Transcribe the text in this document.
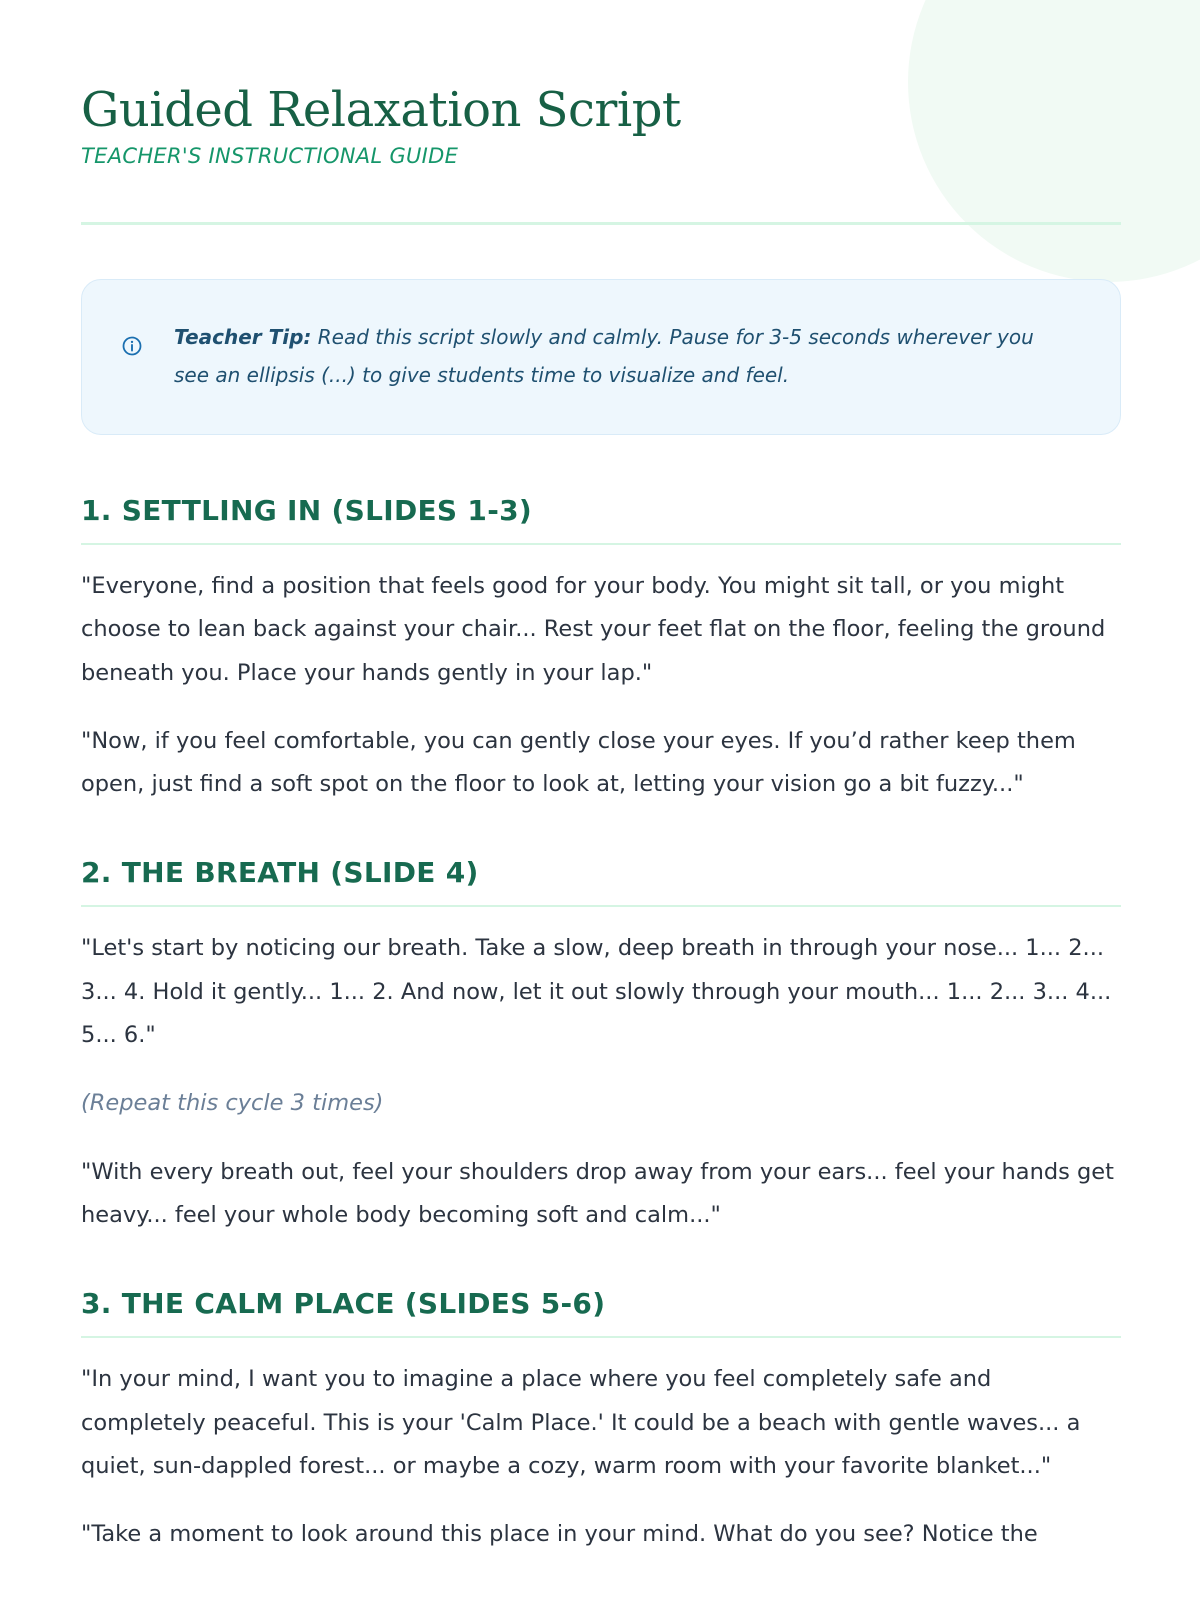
Guided Relaxation Script
TEACHER'S INSTRUCTIONAL GUIDE
Teacher Tip: Read this script slowly and calmly. Pause for 3-5 seconds wherever you see an ellipsis (...) to give students time to visualize and feel.
1. SETTLING IN (SLIDES 1-3)

"Everyone, find a position that feels good for your body. You might sit tall, or you might choose to lean back against your chair... Rest your feet flat on the floor, feeling the ground beneath you. Place your hands gently in your lap."

"Now, if you feel comfortable, you can gently close your eyes. If you’d rather keep them open, just find a soft spot on the floor to look at, letting your vision go a bit fuzzy..."

2. THE BREATH (SLIDE 4)

"Let's start by noticing our breath. Take a slow, deep breath in through your nose... 1... 2... 3... 4. Hold it gently... 1... 2. And now, let it out slowly through your mouth... 1... 2... 3... 4... 5... 6."

(Repeat this cycle 3 times)

"With every breath out, feel your shoulders drop away from your ears... feel your hands get heavy... feel your whole body becoming soft and calm..."

3. THE CALM PLACE (SLIDES 5-6)

"In your mind, I want you to imagine a place where you feel completely safe and completely peaceful. This is your 'Calm Place.' It could be a beach with gentle waves... a quiet, sun-dappled forest... or maybe a cozy, warm room with your favorite blanket..."

"Take a moment to look around this place in your mind. What do you see? Notice the
